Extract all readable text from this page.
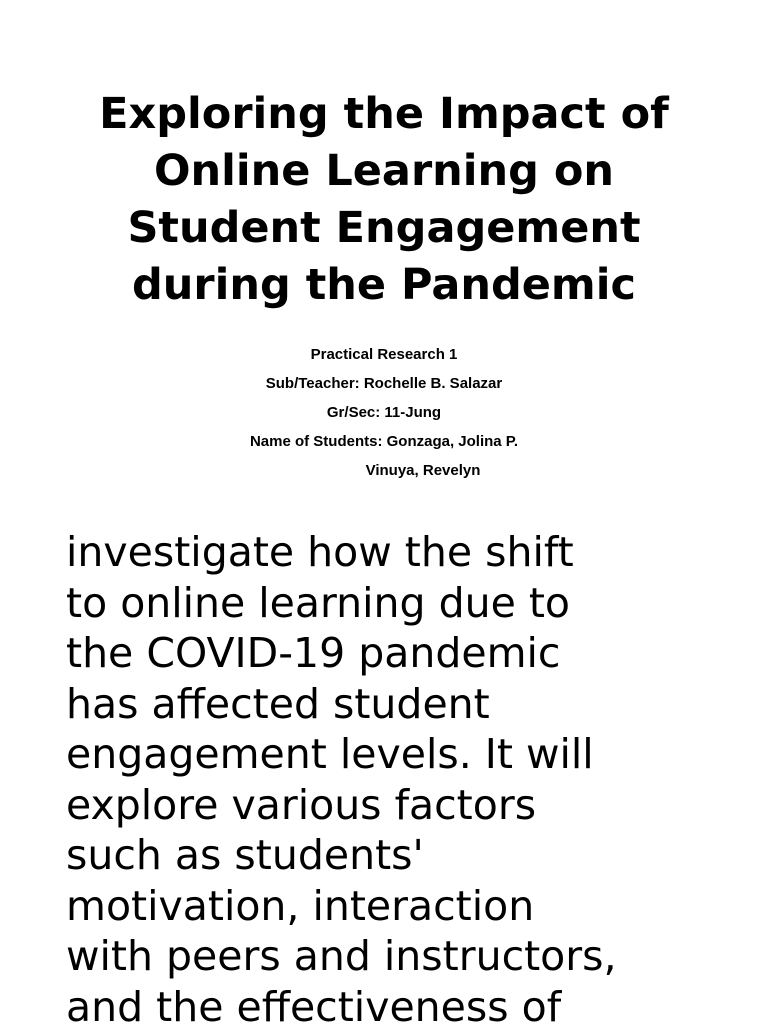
Exploring the Impact of
Online Learning on
Student Engagement
during the Pandemic
Practical Research 1
Sub/Teacher: Rochelle B. Salazar
Gr/Sec: 11-Jung
Name of Students: Gonzaga, Jolina P.
Vinuya, Revelyn
investigate how the shift
to online learning due to
the COVID-19 pandemic
has affected student
engagement levels. It will
explore various factors
such as students'
motivation, interaction
with peers and instructors,
and the effectiveness of
